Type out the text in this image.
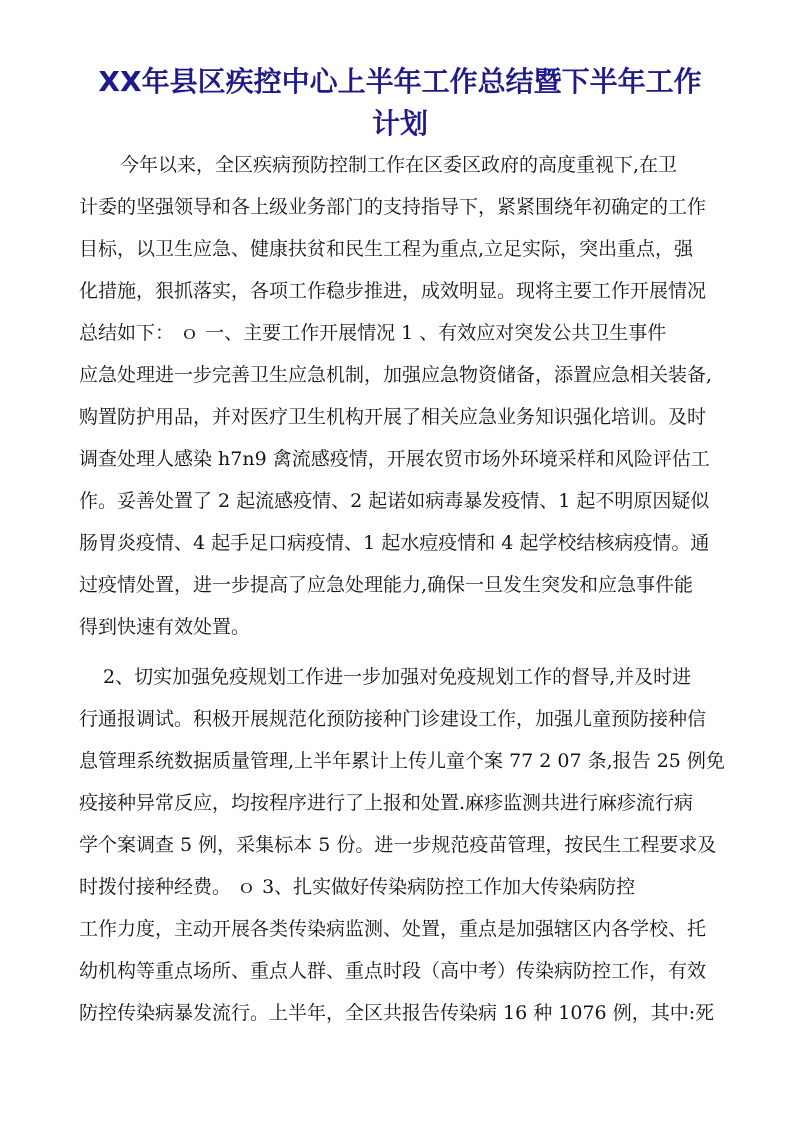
XX年县区疾控中心上半年工作总结暨下半年工作
计划
今年以来，全区疾病预防控制工作在区委区政府的高度重视下,在卫
计委的坚强领导和各上级业务部门的支持指导下，紧紧围绕年初确定的工作
目标，以卫生应急、健康扶贫和民生工程为重点,立足实际，突出重点，强
化措施，狠抓落实，各项工作稳步推进，成效明显。现将主要工作开展情况
总结如下： ｏ 一、主要工作开展情况 1 、有效应对突发公共卫生事件
应急处理进一步完善卫生应急机制，加强应急物资储备，添置应急相关装备,
购置防护用品，并对医疗卫生机构开展了相关应急业务知识强化培训。及时
调查处理人感染 h7n9 禽流感疫情，开展农贸市场外环境采样和风险评估工
作。妥善处置了 2 起流感疫情、2 起诺如病毒暴发疫情、1 起不明原因疑似
肠胃炎疫情、4 起手足口病疫情、1 起水痘疫情和 4 起学校结核病疫情。通
过疫情处置，进一步提高了应急处理能力,确保一旦发生突发和应急事件能
得到快速有效处置。
2、切实加强免疫规划工作进一步加强对免疫规划工作的督导,并及时进
行通报调试。积极开展规范化预防接种门诊建设工作，加强儿童预防接种信
息管理系统数据质量管理,上半年累计上传儿童个案 77 2 07 条,报告 25 例免
疫接种异常反应，均按程序进行了上报和处置.麻疹监测共进行麻疹流行病
学个案调查 5 例，采集标本 5 份。进一步规范疫苗管理，按民生工程要求及
时拨付接种经费。 ｏ 3、扎实做好传染病防控工作加大传染病防控
工作力度，主动开展各类传染病监测、处置，重点是加强辖区内各学校、托
幼机构等重点场所、重点人群、重点时段（高中考）传染病防控工作，有效
防控传染病暴发流行。上半年，全区共报告传染病 16 种 1076 例，其中:死
